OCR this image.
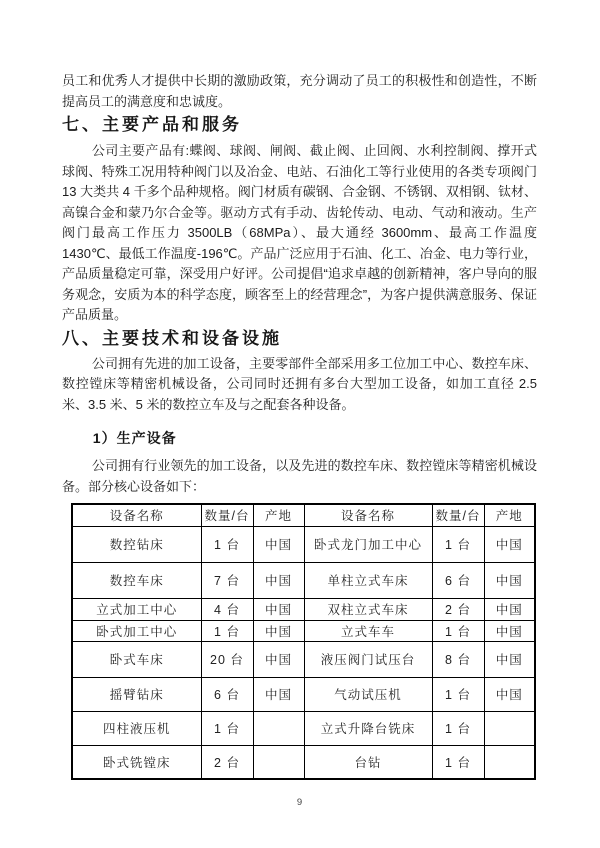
员工和优秀人才提供中长期的激励政策，充分调动了员工的积极性和创造性，不断提高员工的满意度和忠诚度。

七、主要产品和服务

公司主要产品有:蝶阀、球阀、闸阀、截止阀、止回阀、水利控制阀、撑开式球阀、特殊工况用特种阀门以及冶金、电站、石油化工等行业使用的各类专项阀门 13 大类共 4 千多个品种规格。阀门材质有碳钢、合金钢、不锈钢、双相钢、钛材、高镍合金和蒙乃尔合金等。驱动方式有手动、齿轮传动、电动、气动和液动。生产阀门最高工作压力 3500LB（68MPa）、最大通经 3600mm、最高工作温度 1430℃、最低工作温度-196℃。产品广泛应用于石油、化工、冶金、电力等行业，产品质量稳定可靠，深受用户好评。公司提倡“追求卓越的创新精神，客户导向的服务观念，安质为本的科学态度，顾客至上的经营理念”，为客户提供满意服务、保证产品质量。

八、主要技术和设备设施

公司拥有先进的加工设备，主要零部件全部采用多工位加工中心、数控车床、数控镗床等精密机械设备，公司同时还拥有多台大型加工设备，如加工直径 2.5 米、3.5 米、5 米的数控立车及与之配套各种设备。

1）生产设备

公司拥有行业领先的加工设备，以及先进的数控车床、数控镗床等精密机械设备。部分核心设备如下：

设备名称	数量/台	产地	设备名称	数量/台	产地
数控钻床	1 台	中国	卧式龙门加工中心	1 台	中国
数控车床	7 台	中国	单柱立式车床	6 台	中国
立式加工中心	4 台	中国	双柱立式车床	2 台	中国
卧式加工中心	1 台	中国	立式车车	1 台	中国
卧式车床	20 台	中国	液压阀门试压台	8 台	中国
摇臂钻床	6 台	中国	气动试压机	1 台	中国
四柱液压机	1 台		立式升降台铣床	1 台	
卧式铣镗床	2 台		台钻	1 台	
9
